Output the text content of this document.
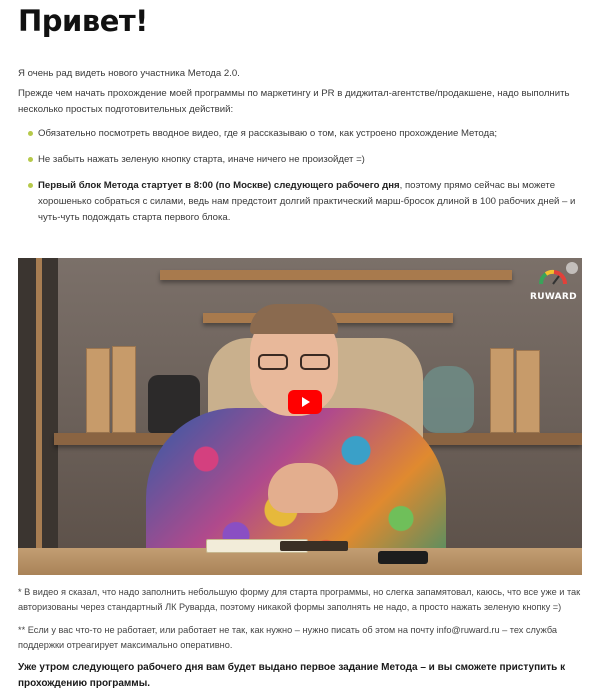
Привет!

Я очень рад видеть нового участника Метода 2.0.

Прежде чем начать прохождение моей программы по маркетингу и PR в диджитал-агентстве/продакшене, надо выполнить несколько простых подготовительных действий:

Обязательно посмотреть вводное видео, где я рассказываю о том, как устроено прохождение Метода;
Не забыть нажать зеленую кнопку старта, иначе ничего не произойдет =)
Первый блок Метода стартует в 8:00 (по Москве) следующего рабочего дня, поэтому прямо сейчас вы можете хорошенько собраться с силами, ведь нам предстоит долгий практический марш-бросок длиной в 100 рабочих дней – и чуть-чуть подождать старта первого блока.
RUWARD

* В видео я сказал, что надо заполнить небольшую форму для старта программы, но слегка запамятовал, каюсь, что все уже и так авторизованы через стандартный ЛК Руварда, поэтому никакой формы заполнять не надо, а просто нажать зеленую кнопку =)

** Если у вас что-то не работает, или работает не так, как нужно – нужно писать об этом на почту info@ruward.ru – тех служба поддержки отреагирует максимально оперативно.

Уже утром следующего рабочего дня вам будет выдано первое задание Метода – и вы сможете приступить к прохождению программы.
